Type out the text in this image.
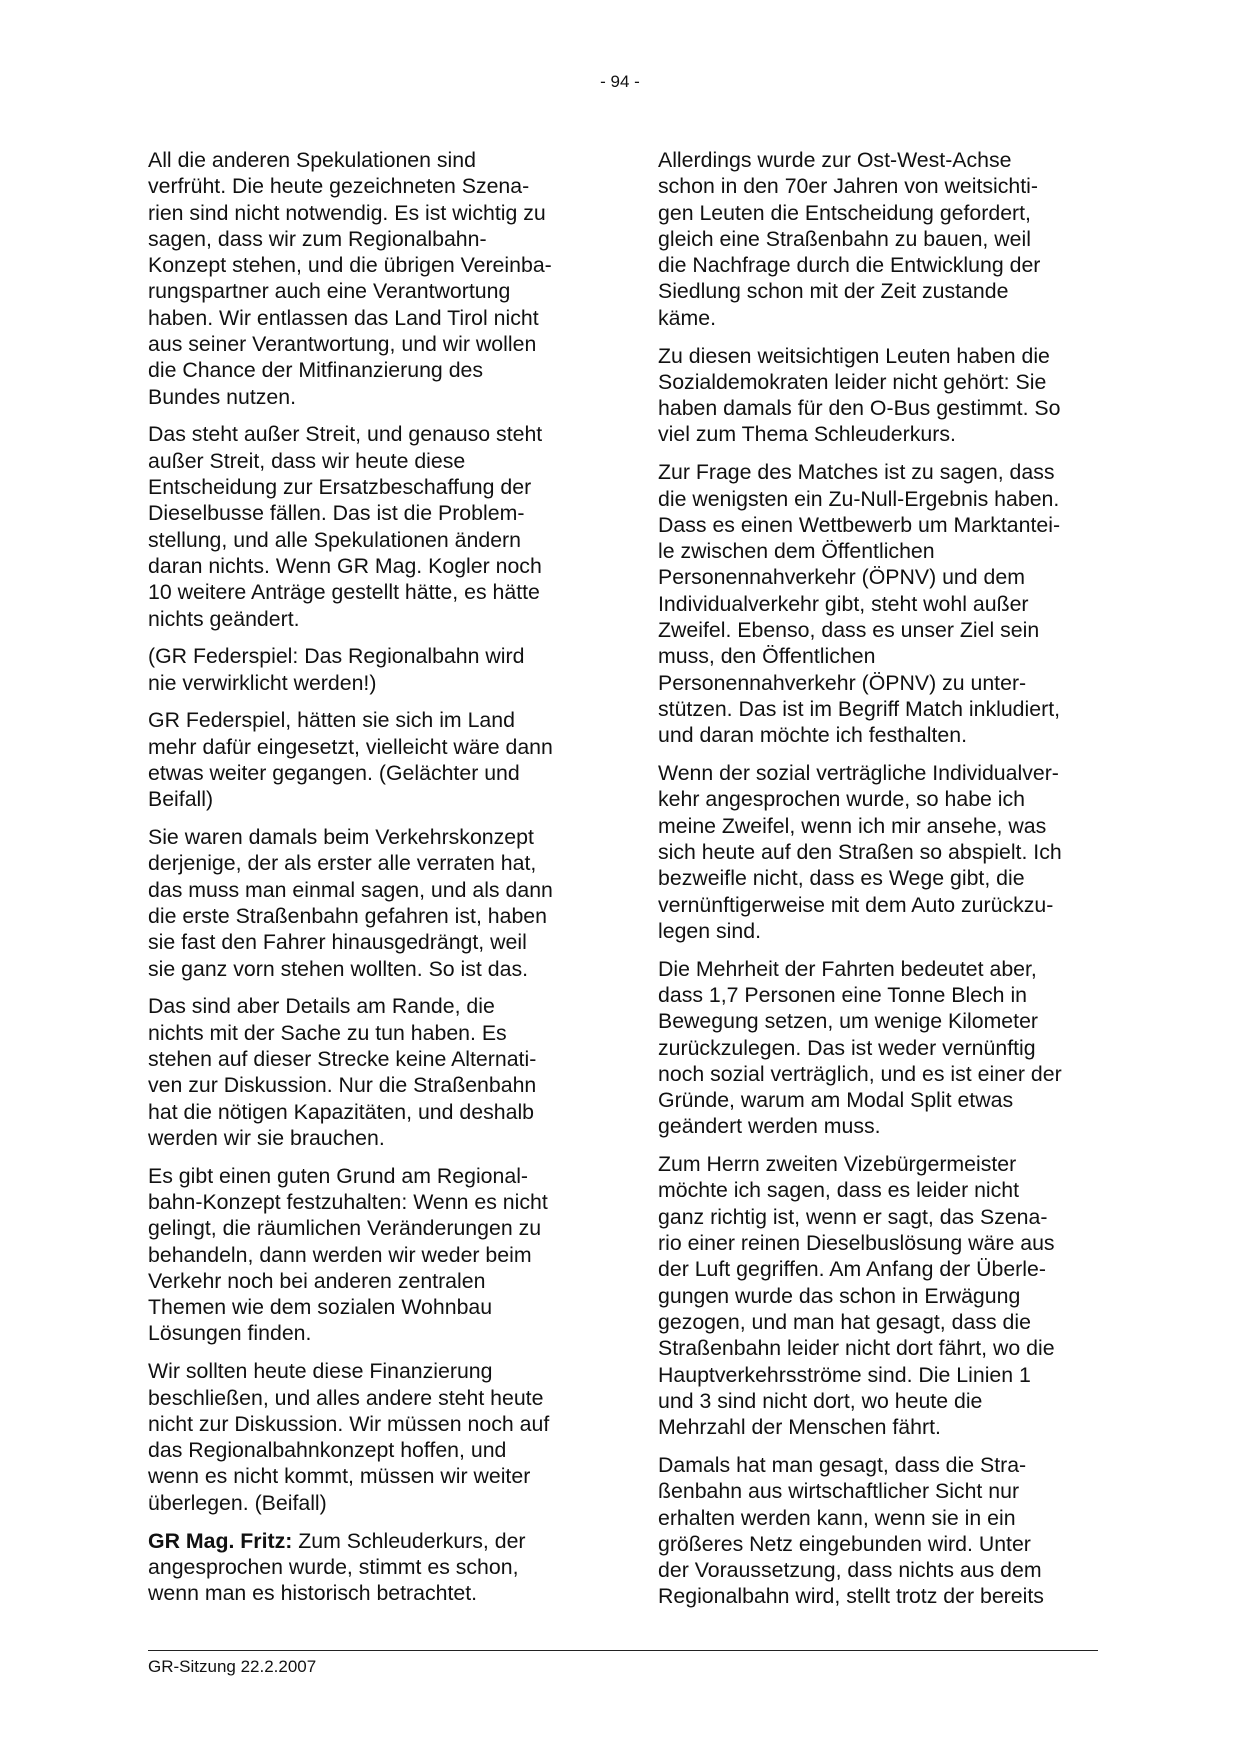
- 94 -

All die anderen Spekulationen sind
verfrüht. Die heute gezeichneten Szena-
rien sind nicht notwendig. Es ist wichtig zu
sagen, dass wir zum Regionalbahn-
Konzept stehen, und die übrigen Vereinba-
rungspartner auch eine Verantwortung
haben. Wir entlassen das Land Tirol nicht
aus seiner Verantwortung, und wir wollen
die Chance der Mitfinanzierung des
Bundes nutzen.

Das steht außer Streit, und genauso steht
außer Streit, dass wir heute diese
Entscheidung zur Ersatzbeschaffung der
Dieselbusse fällen. Das ist die Problem-
stellung, und alle Spekulationen ändern
daran nichts. Wenn GR Mag. Kogler noch
10 weitere Anträge gestellt hätte, es hätte
nichts geändert.

(GR Federspiel: Das Regionalbahn wird
nie verwirklicht werden!)

GR Federspiel, hätten sie sich im Land
mehr dafür eingesetzt, vielleicht wäre dann
etwas weiter gegangen. (Gelächter und
Beifall)

Sie waren damals beim Verkehrskonzept
derjenige, der als erster alle verraten hat,
das muss man einmal sagen, und als dann
die erste Straßenbahn gefahren ist, haben
sie fast den Fahrer hinausgedrängt, weil
sie ganz vorn stehen wollten. So ist das.

Das sind aber Details am Rande, die
nichts mit der Sache zu tun haben. Es
stehen auf dieser Strecke keine Alternati-
ven zur Diskussion. Nur die Straßenbahn
hat die nötigen Kapazitäten, und deshalb
werden wir sie brauchen.

Es gibt einen guten Grund am Regional-
bahn-Konzept festzuhalten: Wenn es nicht
gelingt, die räumlichen Veränderungen zu
behandeln, dann werden wir weder beim
Verkehr noch bei anderen zentralen
Themen wie dem sozialen Wohnbau
Lösungen finden.

Wir sollten heute diese Finanzierung
beschließen, und alles andere steht heute
nicht zur Diskussion. Wir müssen noch auf
das Regionalbahnkonzept hoffen, und
wenn es nicht kommt, müssen wir weiter
überlegen. (Beifall)

GR Mag. Fritz: Zum Schleuderkurs, der
angesprochen wurde, stimmt es schon,
wenn man es historisch betrachtet.

Allerdings wurde zur Ost-West-Achse
schon in den 70er Jahren von weitsichti-
gen Leuten die Entscheidung gefordert,
gleich eine Straßenbahn zu bauen, weil
die Nachfrage durch die Entwicklung der
Siedlung schon mit der Zeit zustande
käme.

Zu diesen weitsichtigen Leuten haben die
Sozialdemokraten leider nicht gehört: Sie
haben damals für den O-Bus gestimmt. So
viel zum Thema Schleuderkurs.

Zur Frage des Matches ist zu sagen, dass
die wenigsten ein Zu-Null-Ergebnis haben.
Dass es einen Wettbewerb um Marktantei-
le zwischen dem Öffentlichen
Personennahverkehr (ÖPNV) und dem
Individualverkehr gibt, steht wohl außer
Zweifel. Ebenso, dass es unser Ziel sein
muss, den Öffentlichen
Personennahverkehr (ÖPNV) zu unter-
stützen. Das ist im Begriff Match inkludiert,
und daran möchte ich festhalten.

Wenn der sozial verträgliche Individualver-
kehr angesprochen wurde, so habe ich
meine Zweifel, wenn ich mir ansehe, was
sich heute auf den Straßen so abspielt. Ich
bezweifle nicht, dass es Wege gibt, die
vernünftigerweise mit dem Auto zurückzu-
legen sind.

Die Mehrheit der Fahrten bedeutet aber,
dass 1,7 Personen eine Tonne Blech in
Bewegung setzen, um wenige Kilometer
zurückzulegen. Das ist weder vernünftig
noch sozial verträglich, und es ist einer der
Gründe, warum am Modal Split etwas
geändert werden muss.

Zum Herrn zweiten Vizebürgermeister
möchte ich sagen, dass es leider nicht
ganz richtig ist, wenn er sagt, das Szena-
rio einer reinen Dieselbuslösung wäre aus
der Luft gegriffen. Am Anfang der Überle-
gungen wurde das schon in Erwägung
gezogen, und man hat gesagt, dass die
Straßenbahn leider nicht dort fährt, wo die
Hauptverkehrsströme sind. Die Linien 1
und 3 sind nicht dort, wo heute die
Mehrzahl der Menschen fährt.

Damals hat man gesagt, dass die Stra-
ßenbahn aus wirtschaftlicher Sicht nur
erhalten werden kann, wenn sie in ein
größeres Netz eingebunden wird. Unter
der Voraussetzung, dass nichts aus dem
Regionalbahn wird, stellt trotz der bereits

GR-Sitzung 22.2.2007
